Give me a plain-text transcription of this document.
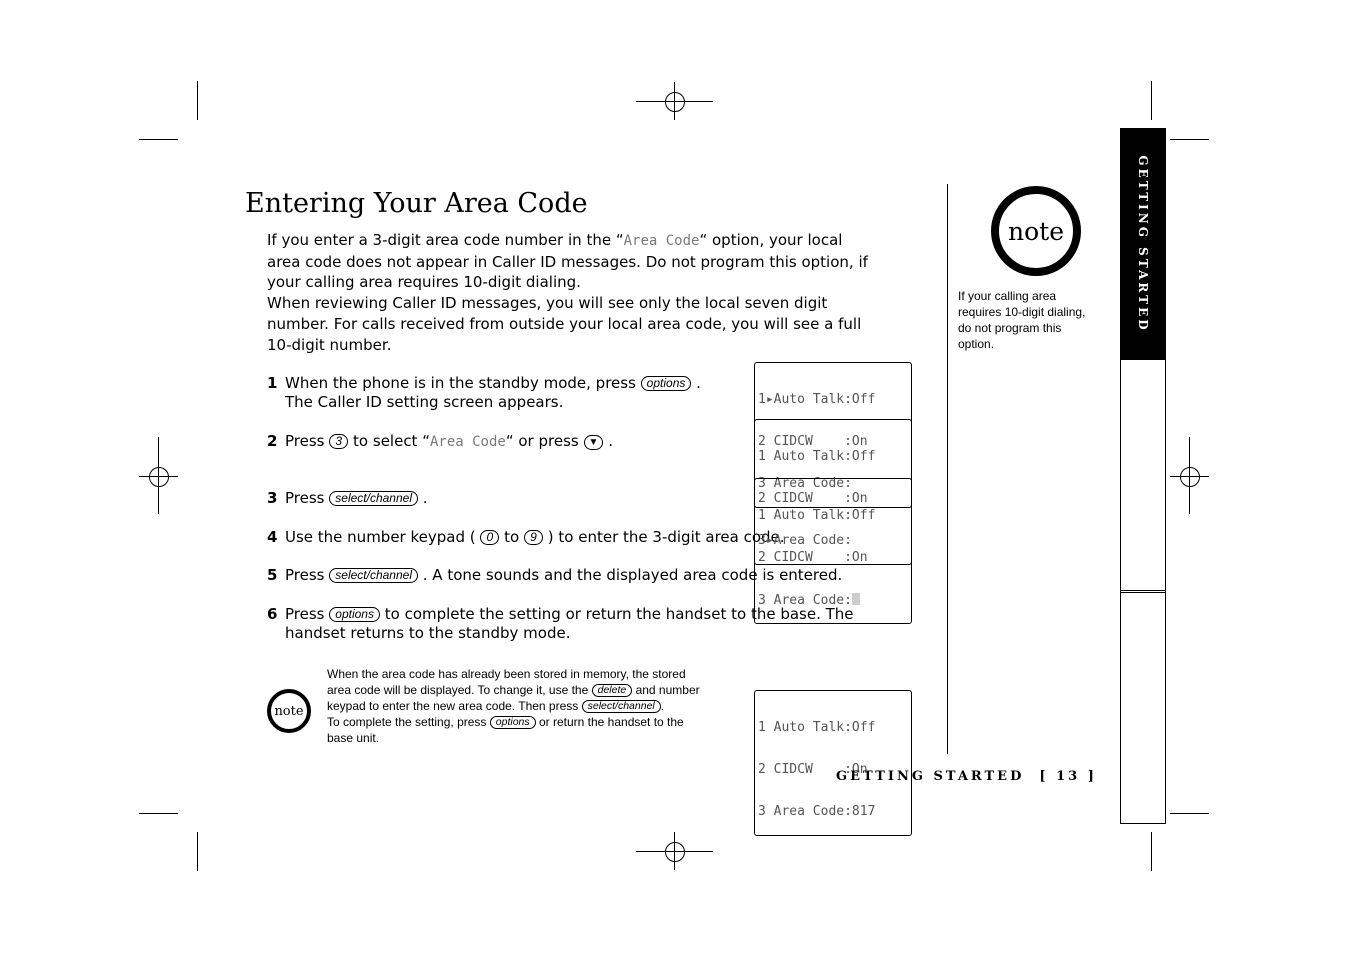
Entering Your Area Code
If you enter a 3-digit area code number in the “Area Code“ option, your local
area code does not appear in Caller ID messages. Do not program this option, if
your calling area requires 10-digit dialing.
When reviewing Caller ID messages, you will see only the local seven digit
number. For calls received from outside your local area code, you will see a full
10-digit number.
1 When the phone is in the standby mode, press options .
The Caller ID setting screen appears.
2 Press 3 to select “Area Code“ or press ▼ .
3 Press select/channel .
4 Use the number keypad ( 0 to 9 ) to enter the 3-digit area code.
5 Press select/channel . A tone sounds and the displayed area code is entered.
6 Press options to complete the setting or return the handset to the base. The
handset returns to the standby mode.

1▸Auto Talk:Off

2 CIDCW    :On

3 Area Code:

1 Auto Talk:Off

2 CIDCW    :On

3▸Area Code:

1 Auto Talk:Off

2 CIDCW    :On

3 Area Code:

1 Auto Talk:Off

2 CIDCW    :On

3 Area Code:817

note
If your calling area
requires 10-digit dialing,
do not program this
option.
note
When the area code has already been stored in memory, the stored
area code will be displayed. To change it, use the delete and number
keypad to enter the new area code. Then press select/channel .
To complete the setting, press options or return the handset to the
base unit.
GETTING STARTED
GETTING STARTED  [ 13 ]
